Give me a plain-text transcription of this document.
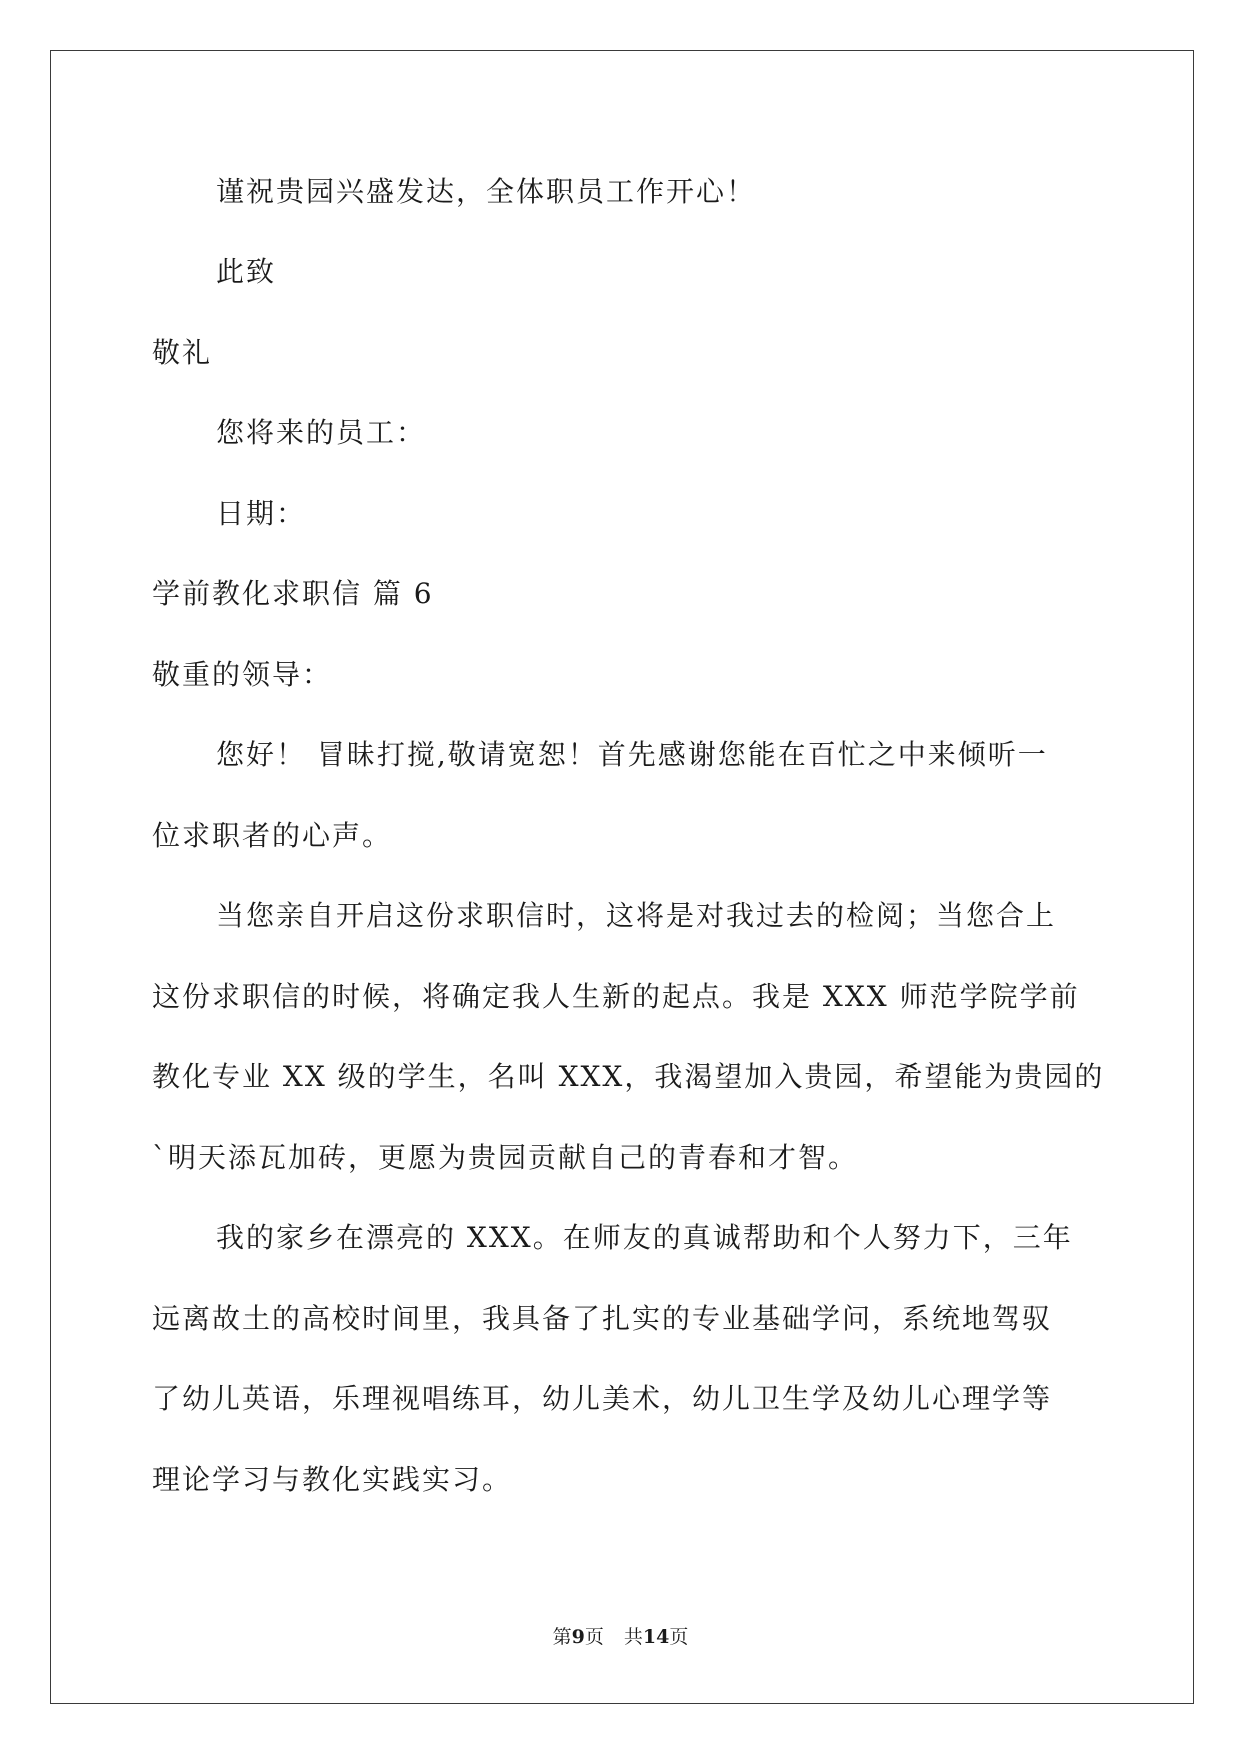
谨祝贵园兴盛发达，全体职员工作开心！
此致
敬礼
您将来的员工：
日期：
学前教化求职信 篇 6
敬重的领导：
您好！ 冒昧打搅,敬请宽恕！首先感谢您能在百忙之中来倾听一
位求职者的心声。
当您亲自开启这份求职信时，这将是对我过去的检阅；当您合上
这份求职信的时候，将确定我人生新的起点。我是 XXX 师范学院学前
教化专业 XX 级的学生，名叫 XXX，我渴望加入贵园，希望能为贵园的
`明天添瓦加砖，更愿为贵园贡献自己的青春和才智。
我的家乡在漂亮的 XXX。在师友的真诚帮助和个人努力下，三年
远离故土的高校时间里，我具备了扎实的专业基础学问，系统地驾驭
了幼儿英语，乐理视唱练耳，幼儿美术，幼儿卫生学及幼儿心理学等
理论学习与教化实践实习。
第9页 共14页
